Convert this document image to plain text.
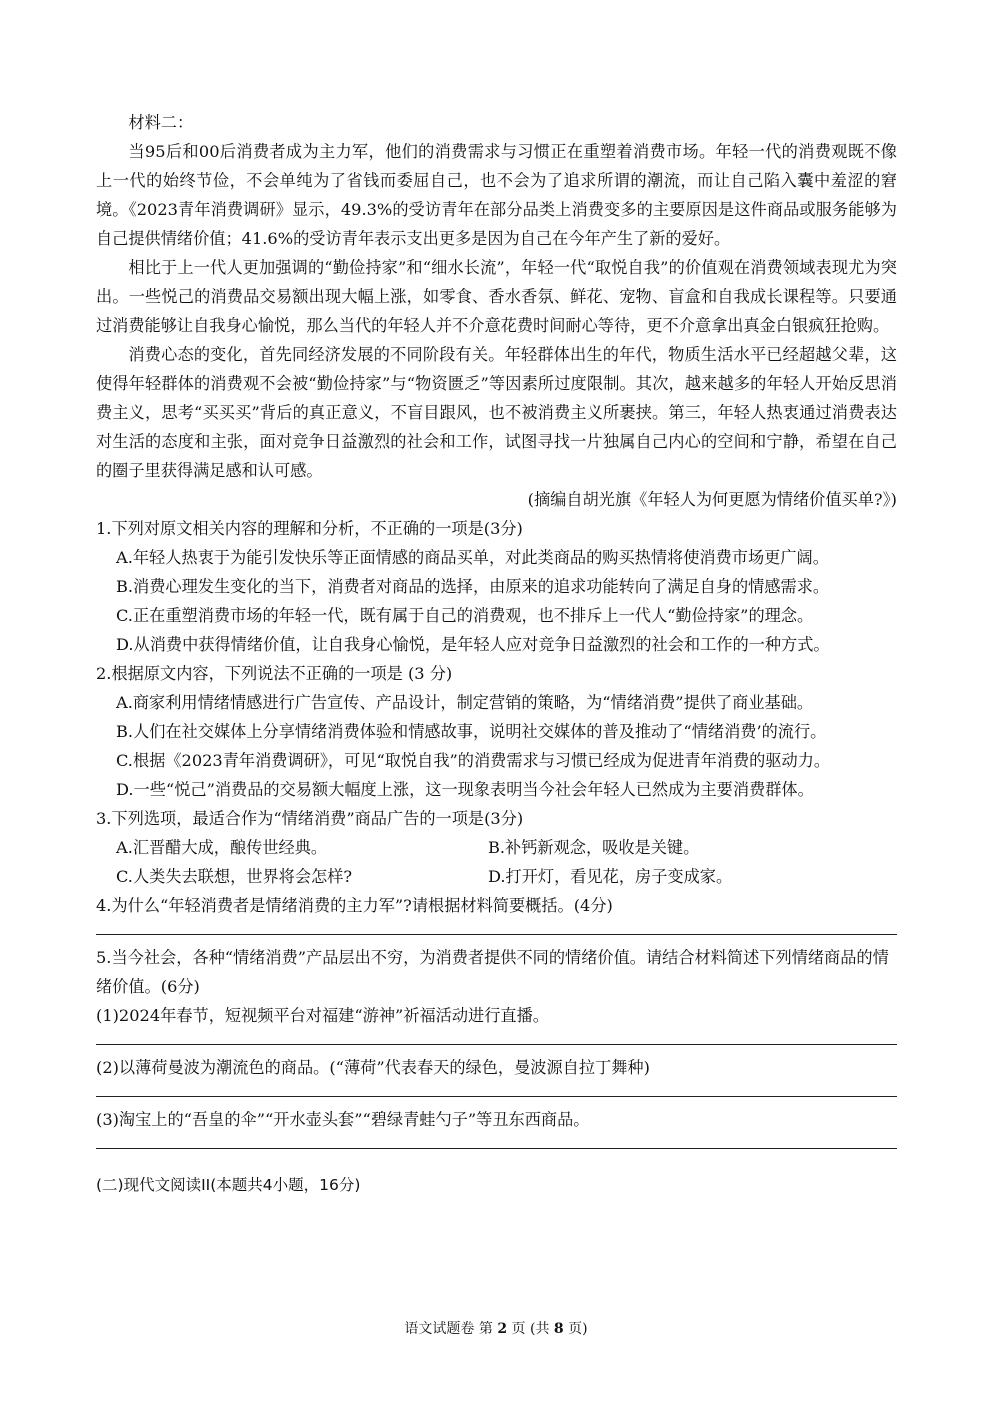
材料二：

当95后和00后消费者成为主力军，他们的消费需求与习惯正在重塑着消费市场。年轻一代的消费观既不像上一代的始终节俭，不会单纯为了省钱而委屈自己，也不会为了追求所谓的潮流，而让自己陷入囊中羞涩的窘境。《2023青年消费调研》显示，49.3%的受访青年在部分品类上消费变多的主要原因是这件商品或服务能够为自己提供情绪价值；41.6%的受访青年表示支出更多是因为自己在今年产生了新的爱好。

相比于上一代人更加强调的“勤俭持家”和“细水长流”，年轻一代“取悦自我”的价值观在消费领域表现尤为突出。一些悦己的消费品交易额出现大幅上涨，如零食、香水香氛、鲜花、宠物、盲盒和自我成长课程等。只要通过消费能够让自我身心愉悦，那么当代的年轻人并不介意花费时间耐心等待，更不介意拿出真金白银疯狂抢购。

消费心态的变化，首先同经济发展的不同阶段有关。年轻群体出生的年代，物质生活水平已经超越父辈，这使得年轻群体的消费观不会被“勤俭持家”与“物资匮乏”等因素所过度限制。其次，越来越多的年轻人开始反思消费主义，思考“买买买”背后的真正意义，不盲目跟风，也不被消费主义所裹挟。第三，年轻人热衷通过消费表达对生活的态度和主张，面对竞争日益激烈的社会和工作，试图寻找一片独属自己内心的空间和宁静，希望在自己的圈子里获得满足感和认可感。

(摘编自胡光旗《年轻人为何更愿为情绪价值买单?》)

1.下列对原文相关内容的理解和分析，不正确的一项是(3分)

A.年轻人热衷于为能引发快乐等正面情感的商品买单，对此类商品的购买热情将使消费市场更广阔。

B.消费心理发生变化的当下，消费者对商品的选择，由原来的追求功能转向了满足自身的情感需求。

C.正在重塑消费市场的年轻一代，既有属于自己的消费观，也不排斥上一代人“勤俭持家”的理念。

D.从消费中获得情绪价值，让自我身心愉悦，是年轻人应对竞争日益激烈的社会和工作的一种方式。

2.根据原文内容，下列说法不正确的一项是 (3 分)

A.商家利用情绪情感进行广告宣传、产品设计，制定营销的策略，为“情绪消费”提供了商业基础。

B.人们在社交媒体上分享情绪消费体验和情感故事，说明社交媒体的普及推动了“情绪消费’的流行。

C.根据《2023青年消费调研》，可见“取悦自我”的消费需求与习惯已经成为促进青年消费的驱动力。

D.一些“悦己”消费品的交易额大幅度上涨，这一现象表明当今社会年轻人已然成为主要消费群体。

3.下列选项，最适合作为“情绪消费”商品广告的一项是(3分)

A.汇晋醋大成，酿传世经典。	B.补钙新观念，吸收是关键。
C.人类失去联想，世界将会怎样?	D.打开灯，看见花，房子变成家。

4.为什么“年轻消费者是情绪消费的主力军”?请根据材料简要概括。(4分)

5.当今社会，各种“情绪消费”产品层出不穷，为消费者提供不同的情绪价值。请结合材料简述下列情绪商品的情绪价值。(6分)

(1)2024年春节，短视频平台对福建“游神”祈福活动进行直播。

(2)以薄荷曼波为潮流色的商品。(“薄荷”代表春天的绿色，曼波源自拉丁舞种)

(3)淘宝上的“吾皇的伞”“开水壶头套”“碧绿青蛙勺子”等丑东西商品。

(二)现代文阅读II(本题共4小题，16分)

语文试题卷 第 2 页 (共 8 页)
